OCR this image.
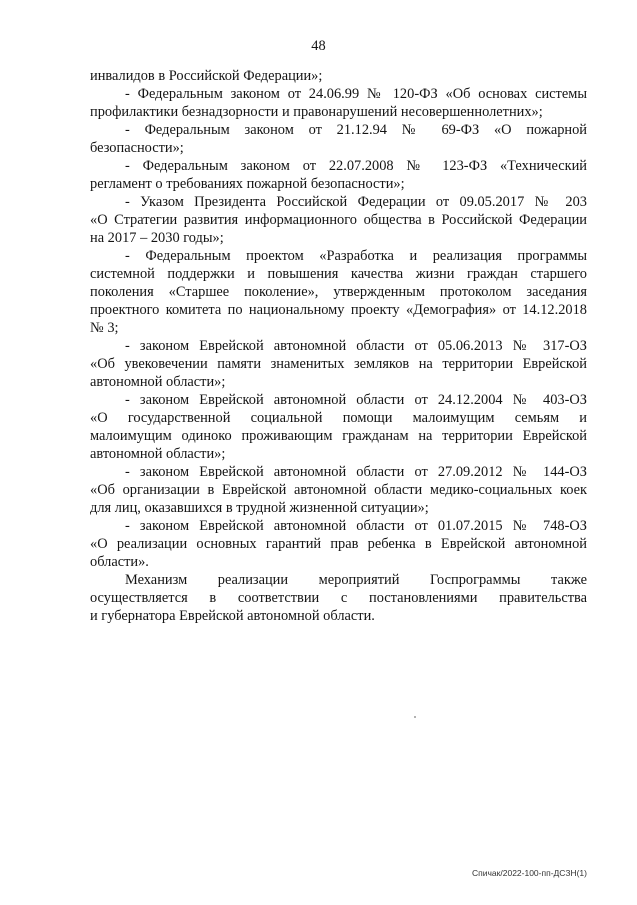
48
инвалидов в Российской Федерации»;
- Федеральным законом от 24.06.99 № 120-ФЗ «Об основах системы
профилактики безнадзорности и правонарушений несовершеннолетних»;
- Федеральным законом от 21.12.94 № 69-ФЗ «О пожарной
безопасности»;
- Федеральным законом от 22.07.2008 № 123-ФЗ «Технический
регламент о требованиях пожарной безопасности»;
- Указом Президента Российской Федерации от 09.05.2017 № 203
«О Стратегии развития информационного общества в Российской Федерации
на 2017 – 2030 годы»;
- Федеральным проектом «Разработка и реализация программы
системной поддержки и повышения качества жизни граждан старшего
поколения «Старшее поколение», утвержденным протоколом заседания
проектного комитета по национальному проекту «Демография» от 14.12.2018
№ 3;
- законом Еврейской автономной области от 05.06.2013 № 317-ОЗ
«Об увековечении памяти знаменитых земляков на территории Еврейской
автономной области»;
- законом Еврейской автономной области от 24.12.2004 № 403-ОЗ
«О государственной социальной помощи малоимущим семьям и
малоимущим одиноко проживающим гражданам на территории Еврейской
автономной области»;
- законом Еврейской автономной области от 27.09.2012 № 144-ОЗ
«Об организации в Еврейской автономной области медико-социальных коек
для лиц, оказавшихся в трудной жизненной ситуации»;
- законом Еврейской автономной области от 01.07.2015 № 748-ОЗ
«О реализации основных гарантий прав ребенка в Еврейской автономной
области».
Механизм реализации мероприятий Госпрограммы также
осуществляется в соответствии с постановлениями правительства
и губернатора Еврейской автономной области.
Спичак/2022-100-пп-ДСЗН(1)
